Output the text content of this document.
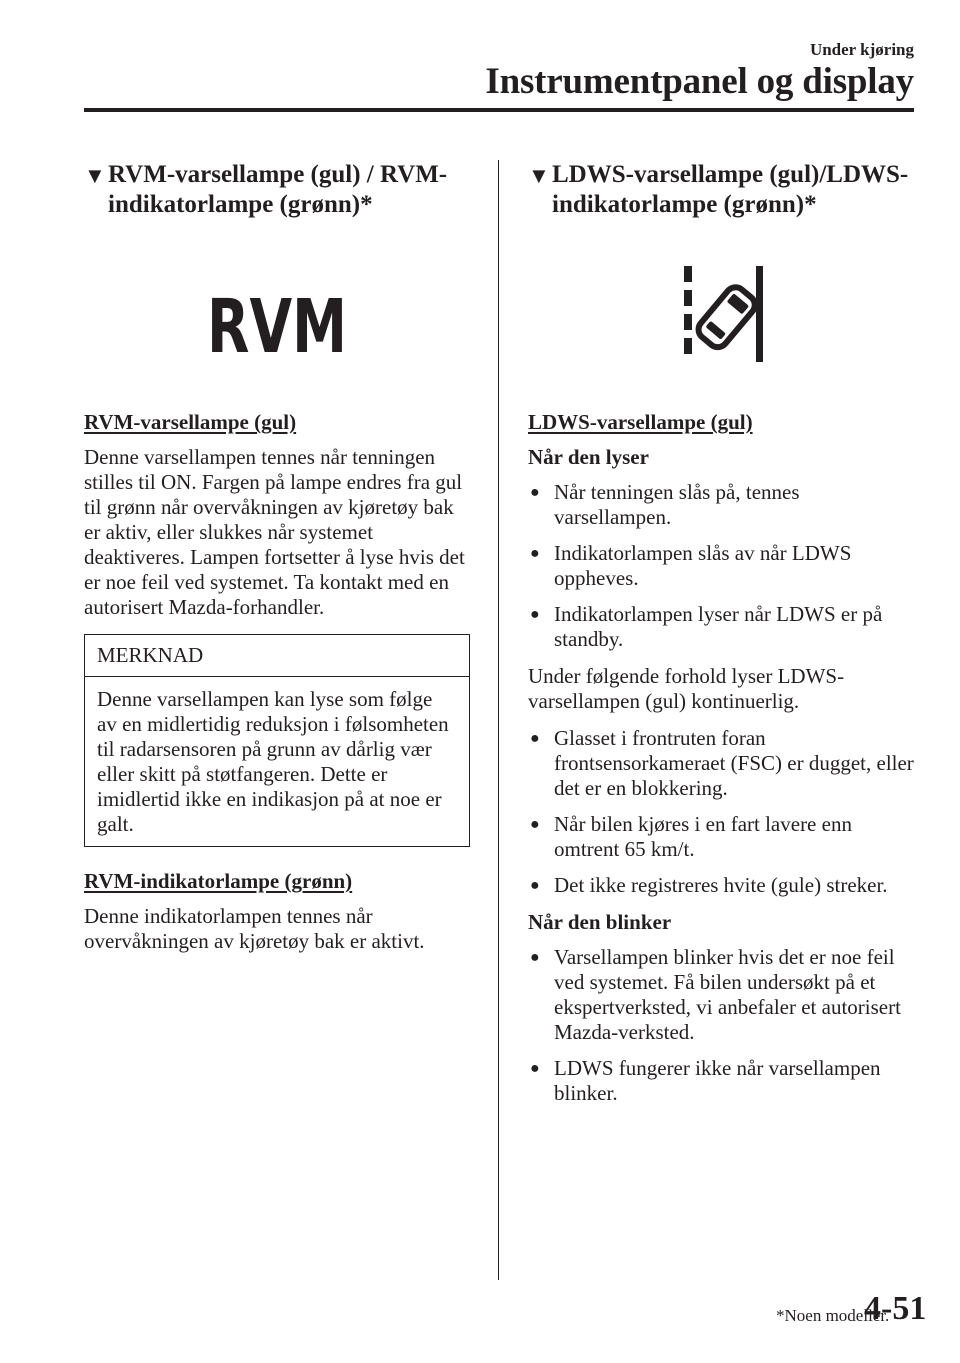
Under kjøring
Instrumentpanel og display
▼ RVM-varsellampe (gul) / RVM-indikatorlampe (grønn)*
RVM
RVM-varsellampe (gul)

Denne varsellampen tennes når tenningen stilles til ON. Fargen på lampe endres fra gul til grønn når overvåkningen av kjøretøy bak er aktiv, eller slukkes når systemet deaktiveres. Lampen fortsetter å lyse hvis det er noe feil ved systemet. Ta kontakt med en autorisert Mazda-forhandler.

MERKNAD
Denne varsellampen kan lyse som følge av en midlertidig reduksjon i følsomheten til radarsensoren på grunn av dårlig vær eller skitt på støtfangeren. Dette er imidlertid ikke en indikasjon på at noe er galt.
RVM-indikatorlampe (grønn)

Denne indikatorlampen tennes når overvåkningen av kjøretøy bak er aktivt.

▼ LDWS-varsellampe (gul)/LDWS-indikatorlampe (grønn)*
LDWS-varsellampe (gul)
Når den lyser
● Når tenningen slås på, tennes varsellampen.
● Indikatorlampen slås av når LDWS oppheves.
● Indikatorlampen lyser når LDWS er på standby.

Under følgende forhold lyser LDWS-varsellampen (gul) kontinuerlig.

● Glasset i frontruten foran frontsensorkameraet (FSC) er dugget, eller det er en blokkering.
● Når bilen kjøres i en fart lavere enn omtrent 65 km/t.
● Det ikke registreres hvite (gule) streker.
Når den blinker
● Varsellampen blinker hvis det er noe feil ved systemet. Få bilen undersøkt på et ekspertverksted, vi anbefaler et autorisert Mazda-verksted.
● LDWS fungerer ikke når varsellampen blinker.
*Noen modeller.
4-51
